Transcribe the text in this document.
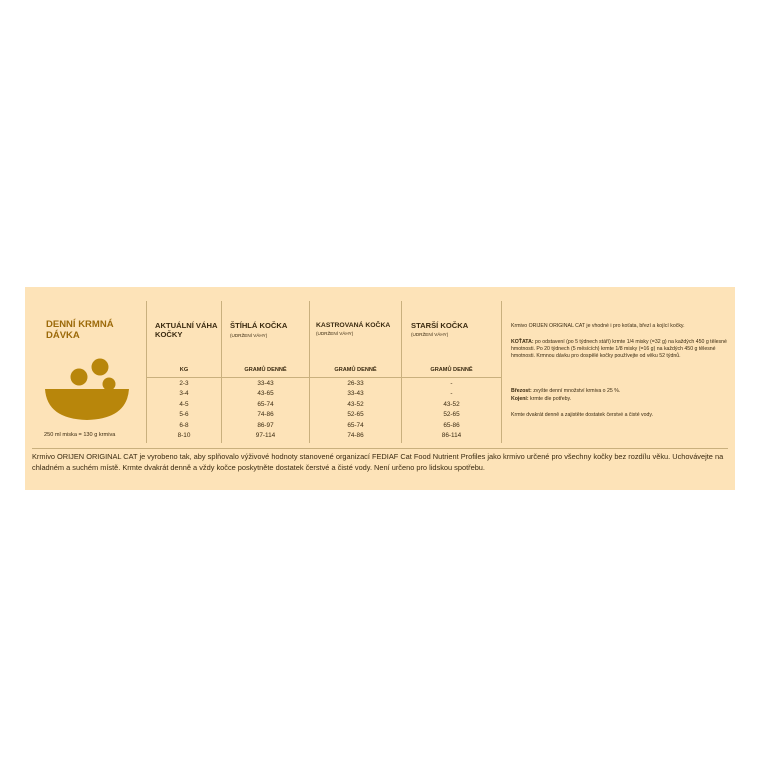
DENNÍ KRMNÁ DÁVKA
250 ml miska = 130 g krmiva
AKTUÁLNÍ VÁHA KOČKY
ŠTÍHLÁ KOČKA
(UDRŽENÍ VÁHY)
KASTROVANÁ KOČKA
(UDRŽENÍ VÁHY)
STARŠÍ KOČKA
(UDRŽENÍ VÁHY)
KG	GRAMŮ DENNĚ	GRAMŮ DENNĚ	GRAMŮ DENNĚ
2-3	33-43	26-33	-
3-4	43-65	33-43	-
4-5	65-74	43-52	43-52
5-6	74-86	52-65	52-65
6-8	86-97	65-74	65-86
8-10	97-114	74-86	86-114
Krmivo ORIJEN ORIGINAL CAT je vhodné i pro koťata, březí a kojící kočky.
KOŤATA: po odstavení (po 5 týdnech stáří) krmte 1/4 misky (=32 g) na každých 450 g tělesné hmotnosti. Po 20 týdnech (5 měsících) krmte 1/8 misky (=16 g) na každých 450 g tělesné hmotnosti. Krmnou dávku pro dospělé kočky používejte od věku 52 týdnů.
Březost: zvyšte denní množství krmiva o 25 %.
Kojení: krmte dle potřeby.
Krmte dvakrát denně a zajistěte dostatek čerstvé a čisté vody.
Krmivo ORIJEN ORIGINAL CAT je vyrobeno tak, aby splňovalo výživové hodnoty stanovené organizací FEDIAF Cat Food Nutrient Profiles jako krmivo určené pro všechny kočky bez rozdílu věku. Uchovávejte na chladném a suchém místě. Krmte dvakrát denně a vždy kočce poskytněte dostatek čerstvé a čisté vody. Není určeno pro lidskou spotřebu.
